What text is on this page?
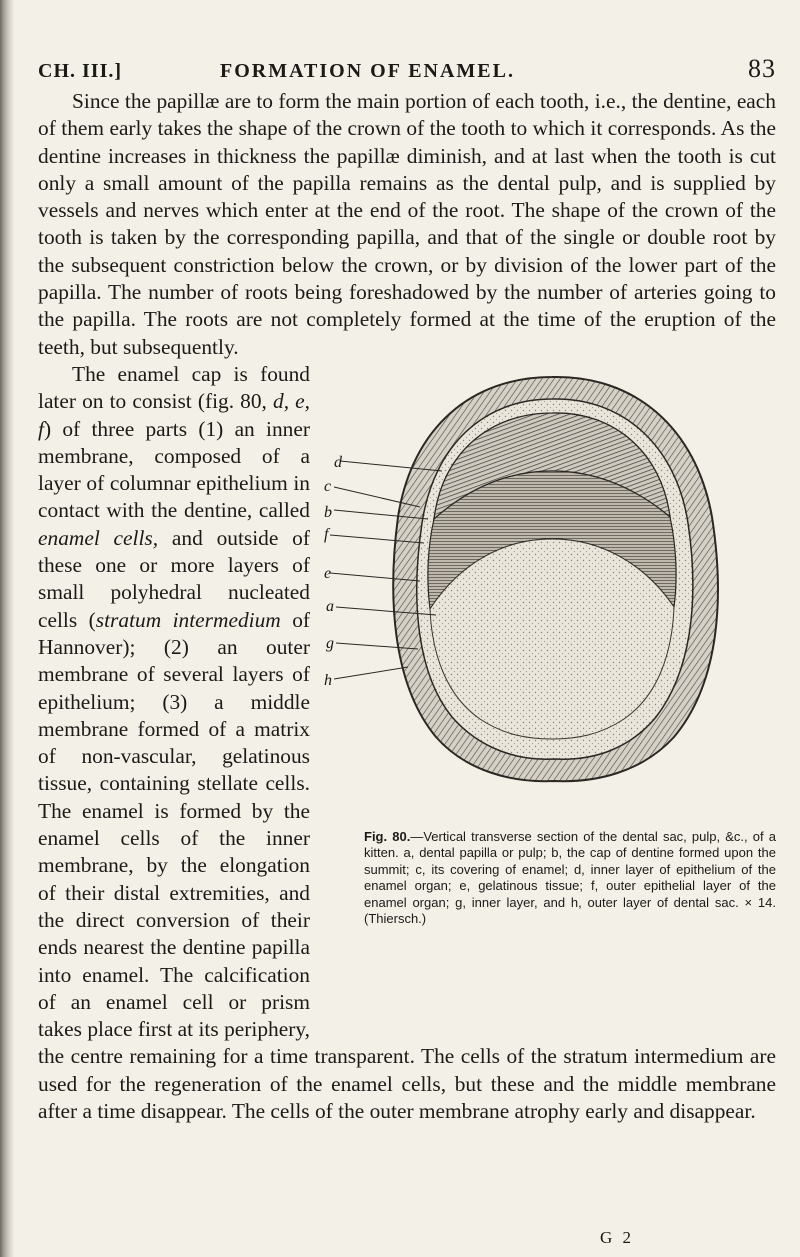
CH. III.]	FORMATION OF ENAMEL.	83

Since the papillæ are to form the main portion of each tooth, i.e., the dentine, each of them early takes the shape of the crown of the tooth to which it corresponds. As the dentine increases in thickness the papillæ diminish, and at last when the tooth is cut only a small amount of the papilla remains as the dental pulp, and is supplied by vessels and nerves which enter at the end of the root. The shape of the crown of the tooth is taken by the corresponding papilla, and that of the single or double root by the subsequent constriction below the crown, or by division of the lower part of the papilla. The number of roots being foreshadowed by the number of arteries going to the papilla. The roots are not completely formed at the time of the eruption of the teeth, but subsequently.

d
c
b
f
e
a
g
h
Fig. 80.—Vertical transverse section of the dental sac, pulp, &c., of a kitten. a, dental papilla or pulp; b, the cap of dentine formed upon the summit; c, its covering of enamel; d, inner layer of epithelium of the enamel organ; e, gelatinous tissue; f, outer epithelial layer of the enamel organ; g, inner layer, and h, outer layer of dental sac. × 14. (Thiersch.)

The enamel cap is found later on to consist (fig. 80, d, e, f) of three parts (1) an inner membrane, composed of a layer of columnar epithelium in contact with the dentine, called enamel cells, and outside of these one or more layers of small polyhedral nucleated cells (stratum intermedium of Hannover); (2) an outer membrane of several layers of epithelium; (3) a middle membrane formed of a matrix of non-vascular, gelatinous tissue, containing stellate cells. The enamel is formed by the enamel cells of the inner membrane, by the elongation of their distal extremities, and the direct conversion of their ends nearest the dentine papilla into enamel. The calcification of an enamel cell or prism takes place first at its periphery, the centre remaining for a time transparent. The cells of the stratum intermedium are used for the regeneration of the enamel cells, but these and the middle membrane after a time disappear. The cells of the outer membrane atrophy early and disappear.

G 2
